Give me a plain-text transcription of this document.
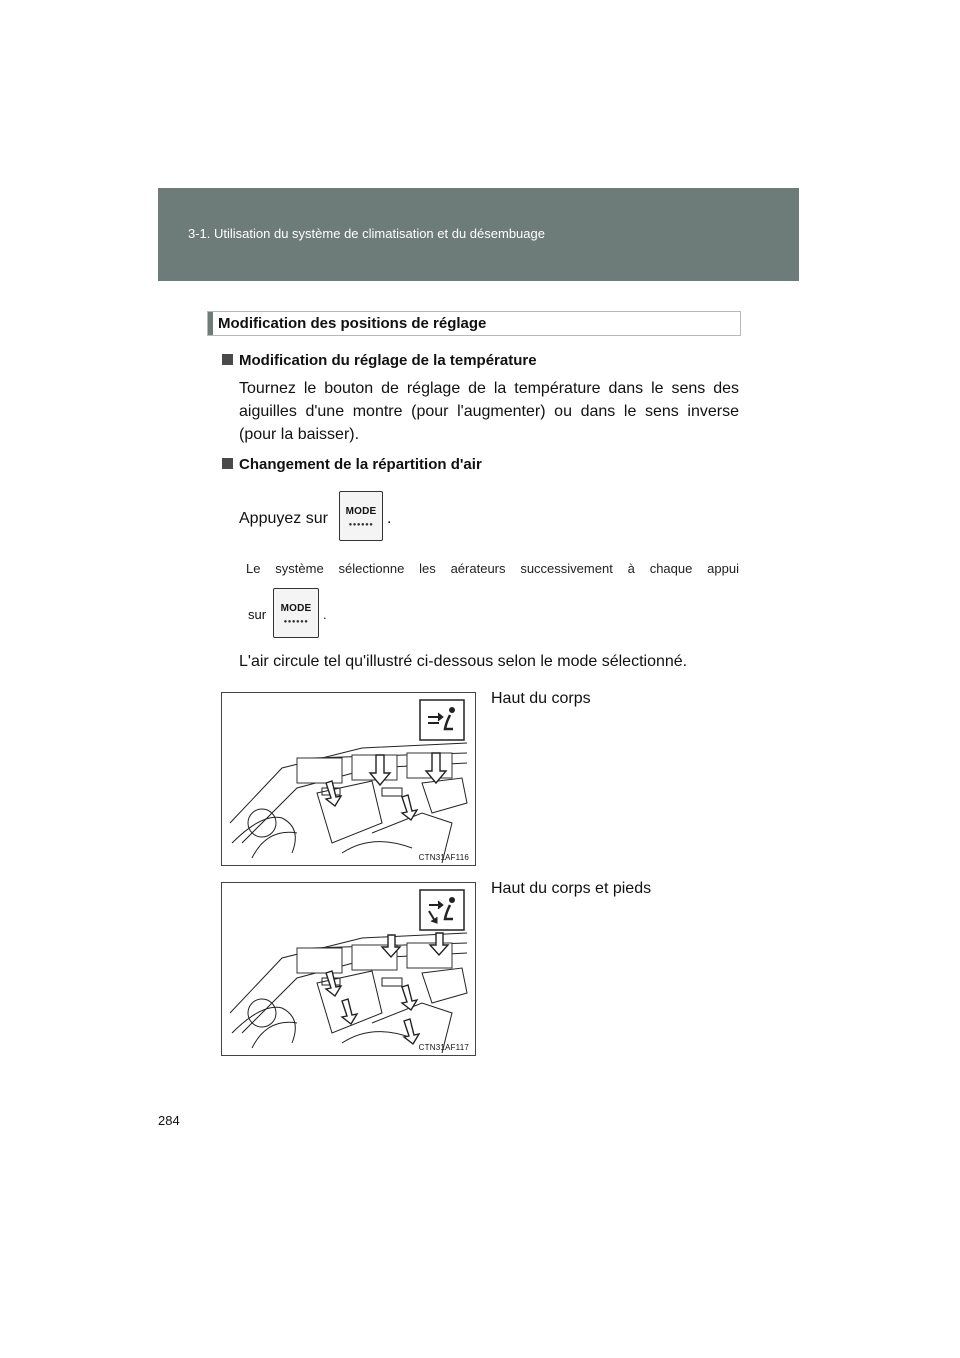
3-1. Utilisation du système de climatisation et du désembuage
Modification des positions de réglage
Modification du réglage de la température
Tournez le bouton de réglage de la température dans le sens des
aiguilles d'une montre (pour l'augmenter) ou dans le sens inverse
(pour la baisser).
Changement de la répartition d'air
Appuyez sur	MODE
●●●●●● .
Le système sélectionne les aérateurs successivement à chaque appui
sur	MODE
●●●●●●	.
L'air circule tel qu'illustré ci-dessous selon le mode sélectionné.
CTN31AF116
Haut du corps
CTN31AF117
Haut du corps et pieds
284
